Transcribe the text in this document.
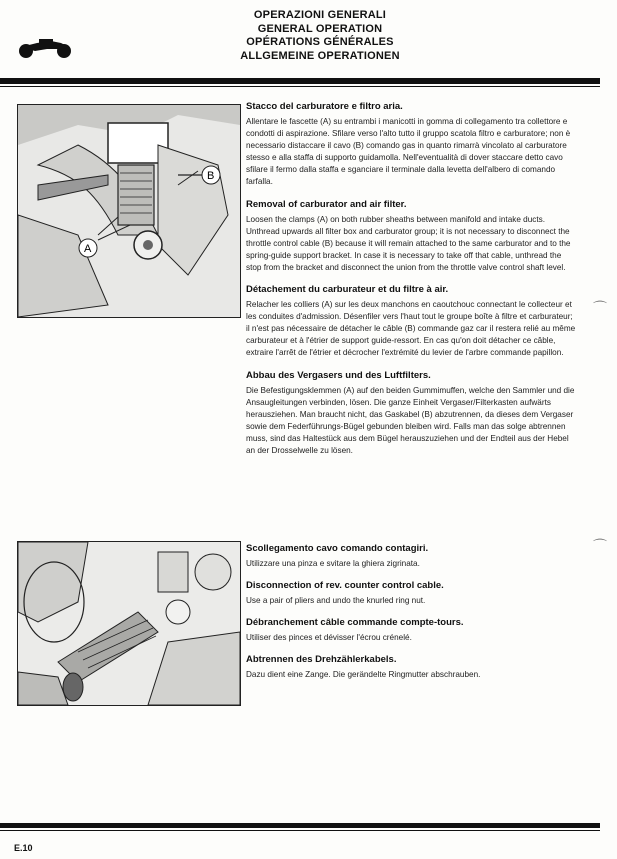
OPERAZIONI GENERALI
GENERAL OPERATION
OPÉRATIONS GÉNÉRALES
ALLGEMEINE OPERATIONEN
A
B
Stacco del carburatore e filtro aria.
Allentare le fascette (A) su entrambi i manicotti in gomma di collegamento tra collettore e condotti di aspirazione. Sfilare verso l'alto tutto il gruppo scatola filtro e carburatore; non è necessario distaccare il cavo (B) comando gas in quanto rimarrà vincolato al carburatore stesso e alla staffa di supporto guidamolla. Nell'eventualità di dover staccare detto cavo sfilare il fermo dalla staffa e sganciare il terminale dalla levetta dell'albero di comando farfalla.
Removal of carburator and air filter.
Loosen the clamps (A) on both rubber sheaths between manifold and intake ducts. Unthread upwards all filter box and carburator group; it is not necessary to disconnect the throttle control cable (B) because it will remain attached to the same carburator and to the spring-guide support bracket. In case it is necessary to take off that cable, unthread the stop from the bracket and disconnect the union from the throttle valve control shaft level.
Détachement du carburateur et du filtre à air.
Relacher les colliers (A) sur les deux manchons en caoutchouc connectant le collecteur et les conduites d'admission. Désenfiler vers l'haut tout le groupe boîte à filtre et carburateur; il n'est pas nécessaire de détacher le câble (B) commande gaz car il restera relié au même carburateur et à l'étrier de support guide-ressort. En cas qu'on doit détacher ce câble, extraire l'arrêt de l'étrier et décrocher l'extrémité du levier de l'arbre commande papillon.
Abbau des Vergasers und des Luftfilters.
Die Befestigungsklemmen (A) auf den beiden Gummimuffen, welche den Sammler und die Ansaugleitungen verbinden, lösen. Die ganze Einheit Vergaser/Filterkasten aufwärts herausziehen. Man braucht nicht, das Gaskabel (B) abzutrennen, da dieses dem Vergaser sowie dem Federführungs-Bügel gebunden bleiben wird. Falls man das solge abtrennen muss, sind das Haltestück aus dem Bügel herauszuziehen und der Endteil aus der Hebel an der Drosselwelle zu lösen.
Scollegamento cavo comando contagiri.
Utilizzare una pinza e svitare la ghiera zigrinata.
Disconnection of rev. counter control cable.
Use a pair of pliers and undo the knurled ring nut.
Débranchement câble commande compte-tours.
Utiliser des pinces et dévisser l'écrou crénelé.
Abtrennen des Drehzählerkabels.
Dazu dient eine Zange. Die gerändelte Ringmutter abschrauben.
⌒
⌒
E.10
